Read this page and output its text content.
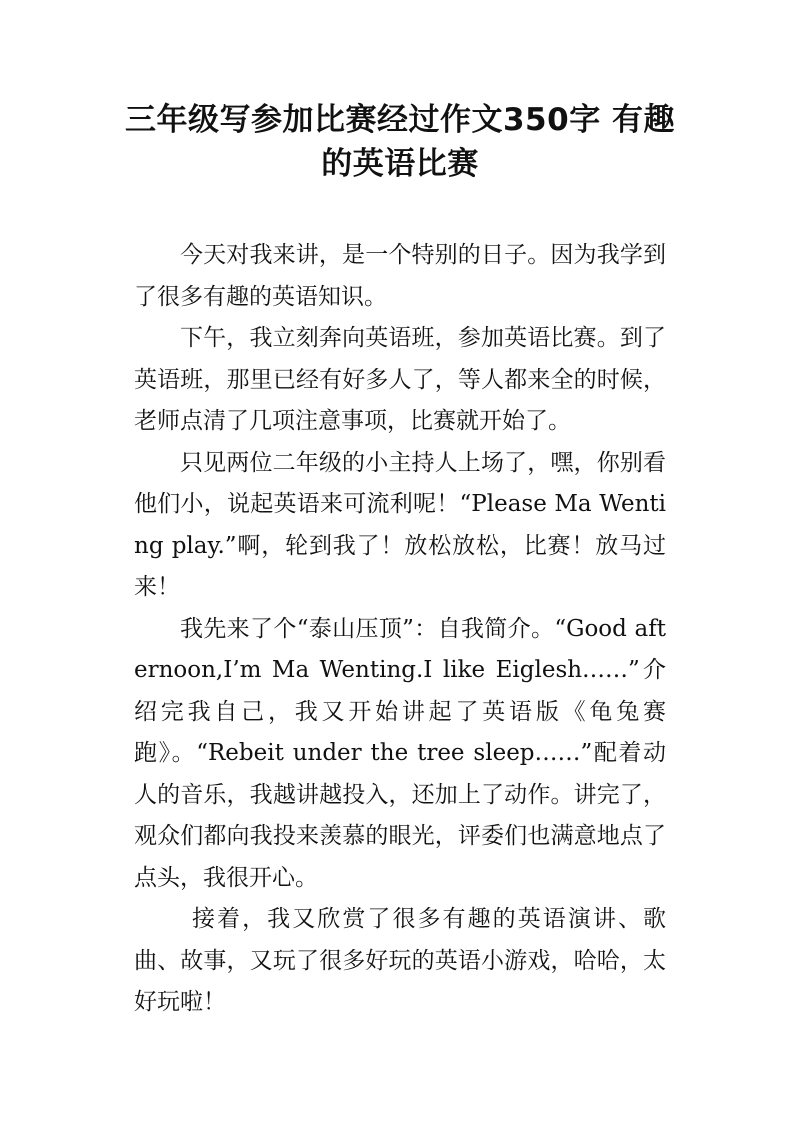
三年级写参加比赛经过作文350字 有趣的英语比赛

今天对我来讲，是一个特别的日子。因为我学到了很多有趣的英语知识。

下午，我立刻奔向英语班，参加英语比赛。到了英语班，那里已经有好多人了，等人都来全的时候，老师点清了几项注意事项，比赛就开始了。

只见两位二年级的小主持人上场了，嘿，你别看他们小，说起英语来可流利呢！“Please Ma Wenting play.”啊，轮到我了！放松放松，比赛！放马过来！

我先来了个“泰山压顶”：自我简介。“Good afternoon,I’m Ma Wenting.I like Eiglesh……”介绍完我自己，我又开始讲起了英语版《龟兔赛跑》。“Rebeit under the tree sleep……”配着动人的音乐，我越讲越投入，还加上了动作。讲完了，观众们都向我投来羡慕的眼光，评委们也满意地点了点头，我很开心。

接着，我又欣赏了很多有趣的英语演讲、歌曲、故事，又玩了很多好玩的英语小游戏，哈哈，太好玩啦！
